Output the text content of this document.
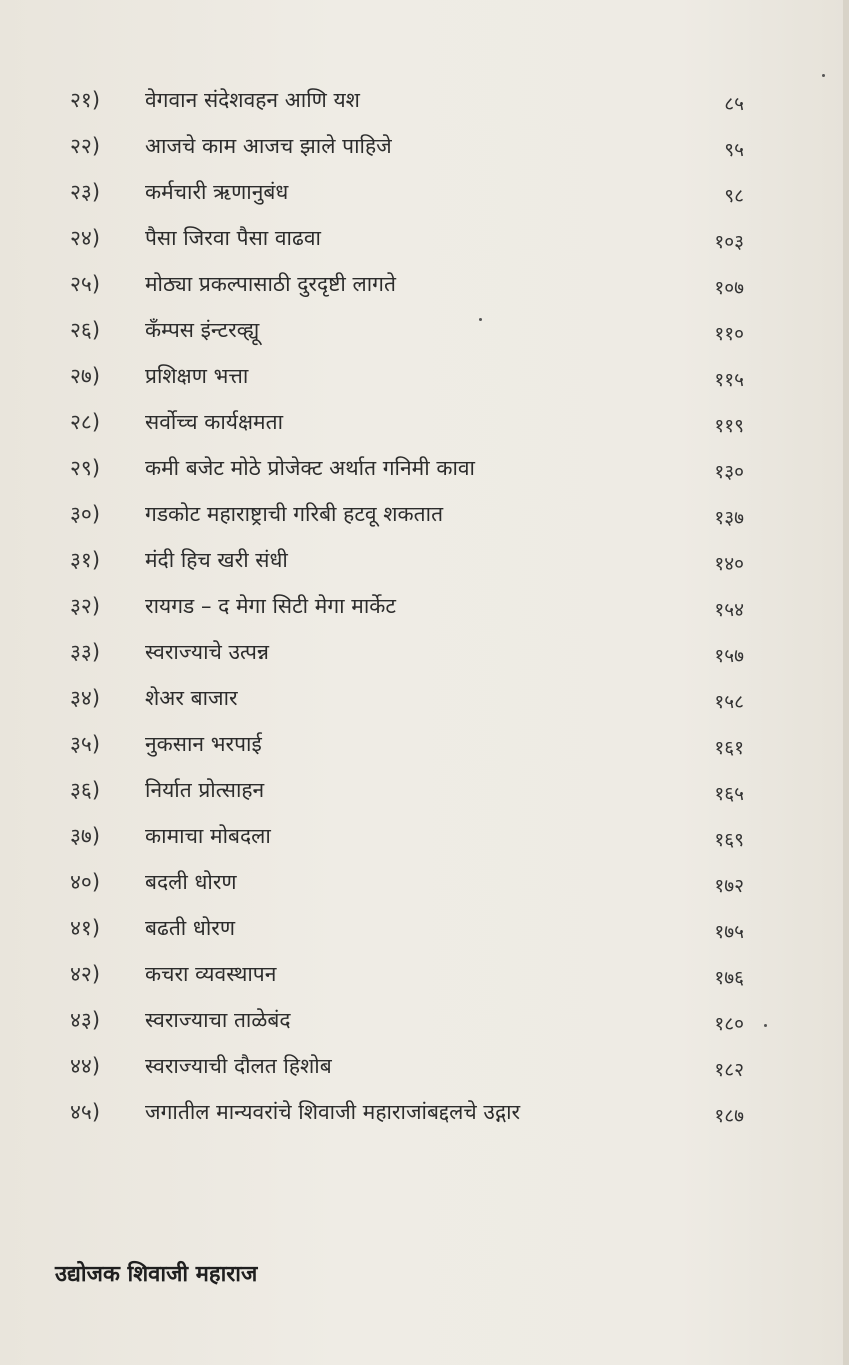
२१) वेगवान संदेशवहन आणि यश	८५
२२) आजचे काम आजच झाले पाहिजे	९५
२३) कर्मचारी ऋणानुबंध	९८
२४) पैसा जिरवा पैसा वाढवा	१०३
२५) मोठ्या प्रकल्पासाठी दुरदृष्टी लागते	१०७
२६) कँम्पस इंन्टरव्ह्यू	११०
२७) प्रशिक्षण भत्ता	११५
२८) सर्वोच्च कार्यक्षमता	११९
२९) कमी बजेट मोठे प्रोजेक्ट अर्थात गनिमी कावा	१३०
३०) गडकोट महाराष्ट्राची गरिबी हटवू शकतात	१३७
३१) मंदी हिच खरी संधी	१४०
३२) रायगड – द मेगा सिटी मेगा मार्केट	१५४
३३) स्वराज्याचे उत्पन्न	१५७
३४) शेअर बाजार	१५८
३५) नुकसान भरपाई	१६१
३६) निर्यात प्रोत्साहन	१६५
३७) कामाचा मोबदला	१६९
४०) बदली धोरण	१७२
४१) बढती धोरण	१७५
४२) कचरा व्यवस्थापन	१७६
४३) स्वराज्याचा ताळेबंद	१८०
४४) स्वराज्याची दौलत हिशोब	१८२
४५) जगातील मान्यवरांचे शिवाजी महाराजांबद्दलचे उद्गार	१८७
उद्योजक शिवाजी महाराज
